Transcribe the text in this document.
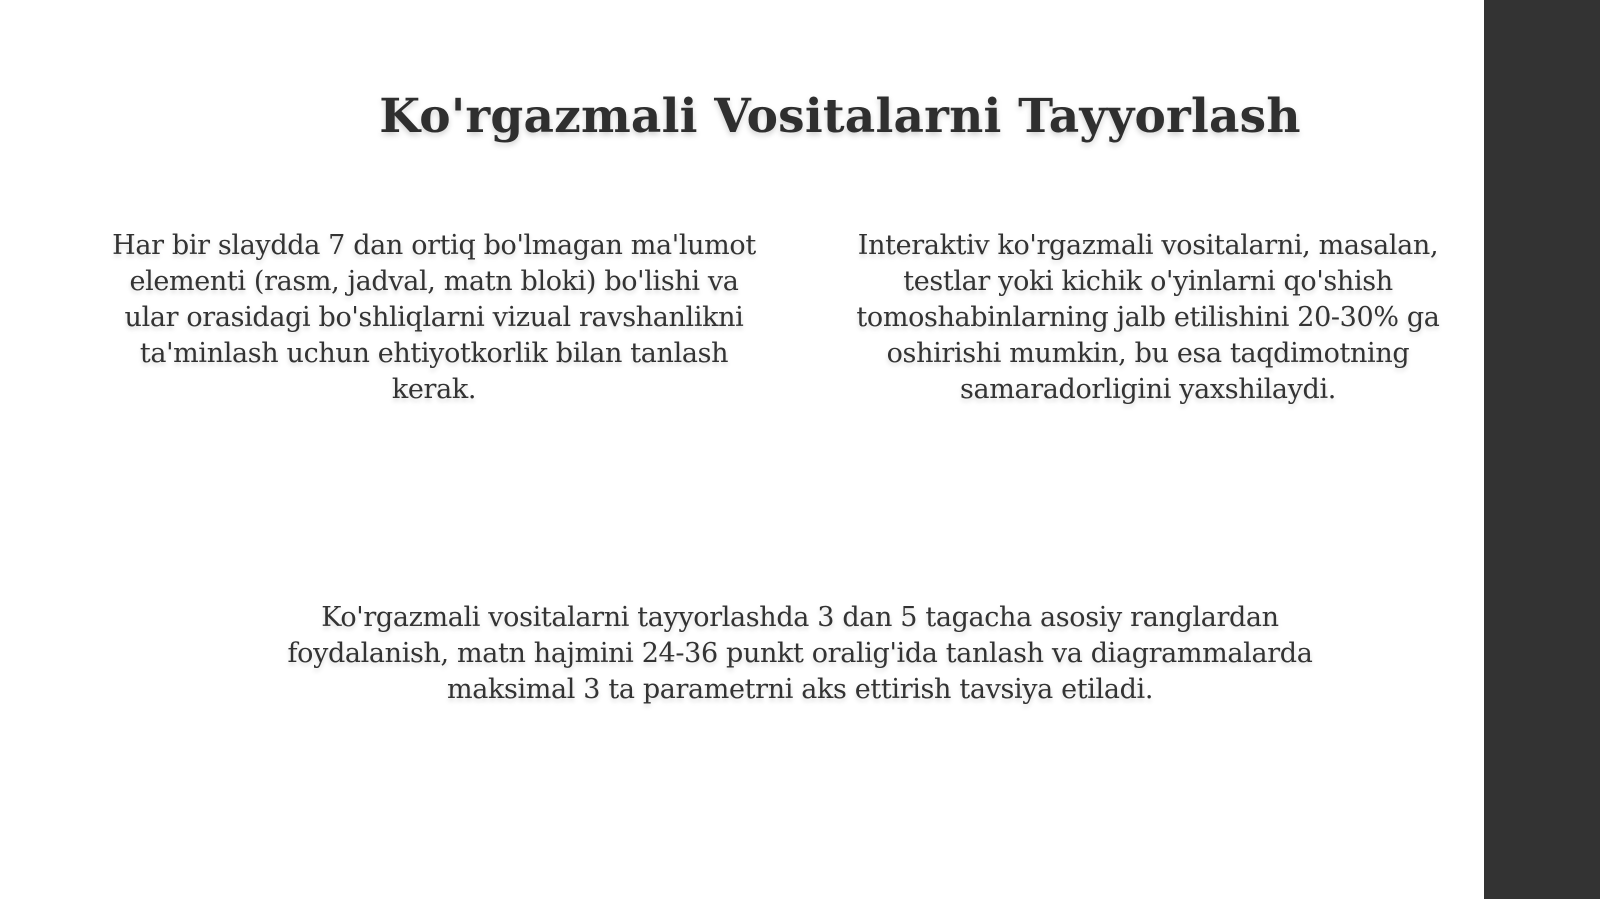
Ko'rgazmali Vositalarni Tayyorlash
Har bir slaydda 7 dan ortiq bo'lmagan ma'lumot elementi (rasm, jadval, matn bloki) bo'lishi va ular orasidagi bo'shliqlarni vizual ravshanlikni ta'minlash uchun ehtiyotkorlik bilan tanlash kerak.
Interaktiv ko'rgazmali vositalarni, masalan, testlar yoki kichik o'yinlarni qo'shish tomoshabinlarning jalb etilishini 20-30% ga oshirishi mumkin, bu esa taqdimotning samaradorligini yaxshilaydi.
Ko'rgazmali vositalarni tayyorlashda 3 dan 5 tagacha asosiy ranglardan foydalanish, matn hajmini 24-36 punkt oralig'ida tanlash va diagrammalarda maksimal 3 ta parametrni aks ettirish tavsiya etiladi.
